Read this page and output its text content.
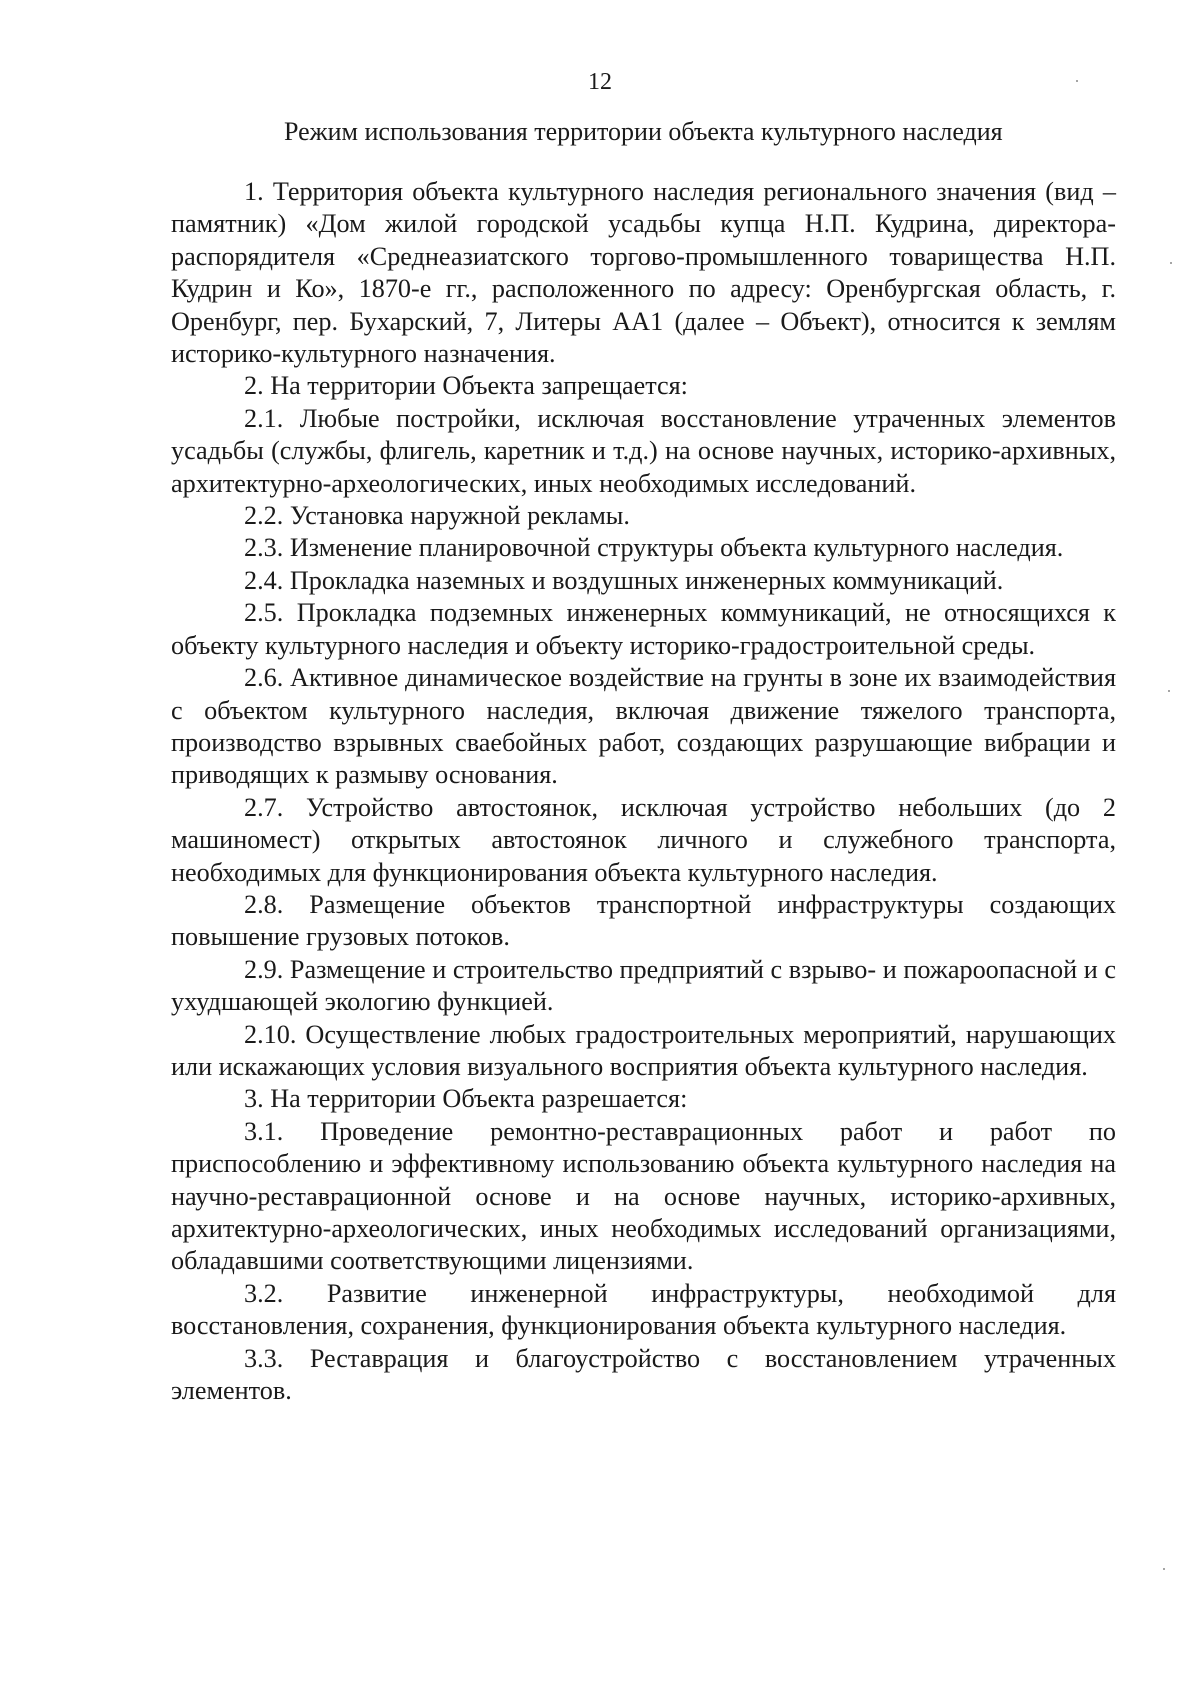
12
Режим использования территории объекта культурного наследия

1. Территория объекта культурного наследия регионального значения (вид – памятник) «Дом жилой городской усадьбы купца Н.П. Кудрина, директора-распорядителя «Среднеазиатского торгово-промышленного товарищества Н.П. Кудрин и Ко», 1870-е гг., расположенного по адресу: Оренбургская область, г. Оренбург, пер. Бухарский, 7, Литеры АА1 (далее – Объект), относится к землям историко-культурного назначения.

2. На территории Объекта запрещается:

2.1. Любые постройки, исключая восстановление утраченных элементов усадьбы (службы, флигель, каретник и т.д.) на основе научных, историко-архивных, архитектурно-археологических, иных необходимых исследований.

2.2. Установка наружной рекламы.

2.3. Изменение планировочной структуры объекта культурного наследия.

2.4. Прокладка наземных и воздушных инженерных коммуникаций.

2.5. Прокладка подземных инженерных коммуникаций, не относящихся к объекту культурного наследия и объекту историко-градостроительной среды.

2.6. Активное динамическое воздействие на грунты в зоне их взаимодействия с объектом культурного наследия, включая движение тяжелого транспорта, производство взрывных сваебойных работ, создающих разрушающие вибрации и приводящих к размыву основания.

2.7. Устройство автостоянок, исключая устройство небольших (до 2 машиномест) открытых автостоянок личного и служебного транспорта, необходимых для функционирования объекта культурного наследия.

2.8. Размещение объектов транспортной инфраструктуры создающих повышение грузовых потоков.

2.9. Размещение и строительство предприятий с взрыво- и пожароопасной и с ухудшающей экологию функцией.

2.10. Осуществление любых градостроительных мероприятий, нарушающих или искажающих условия визуального восприятия объекта культурного наследия.

3. На территории Объекта разрешается:

3.1. Проведение ремонтно-реставрационных работ и работ по приспособлению и эффективному использованию объекта культурного наследия на научно-реставрационной основе и на основе научных, историко-архивных, архитектурно-археологических, иных необходимых исследований организациями, обладавшими соответствующими лицензиями.

3.2. Развитие инженерной инфраструктуры, необходимой для восстановления, сохранения, функционирования объекта культурного наследия.

3.3. Реставрация и благоустройство с восстановлением утраченных элементов.
